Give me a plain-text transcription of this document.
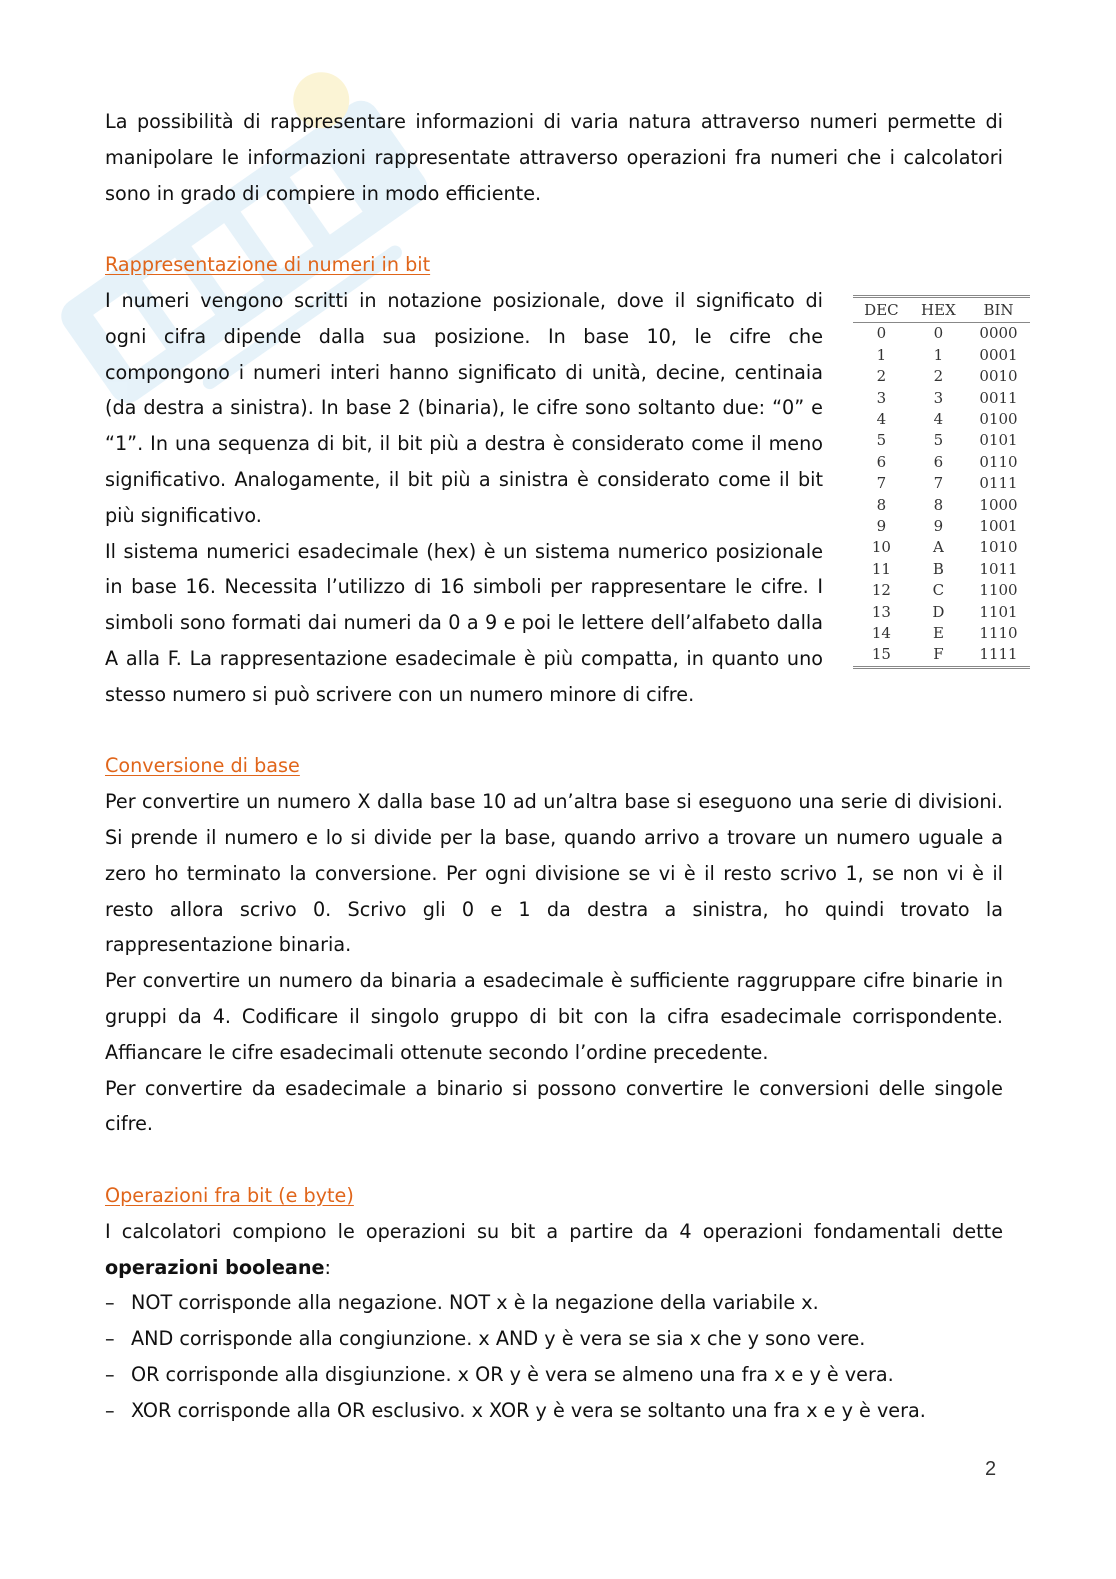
La possibilità di rappresentare informazioni di varia natura attraverso numeri permette di manipolare le informazioni rappresentate attraverso operazioni fra numeri che i calcolatori sono in grado di compiere in modo efficiente.

Rappresentazione di numeri in bit

I numeri vengono scritti in notazione posizionale, dove il significato di ogni cifra dipende dalla sua posizione. In base 10, le cifre che compongono i numeri interi hanno significato di unità, decine, centinaia (da destra a sinistra). In base 2 (binaria), le cifre sono soltanto due: “0” e “1”. In una sequenza di bit, il bit più a destra è considerato come il meno significativo. Analogamente, il bit più a sinistra è considerato come il bit più significativo.

Il sistema numerici esadecimale (hex) è un sistema numerico posizionale in base 16. Necessita l’utilizzo di 16 simboli per rappresentare le cifre. I simboli sono formati dai numeri da 0 a 9 e poi le lettere dell’alfabeto dalla A alla F. La rappresentazione esadecimale è più compatta, in quanto uno stesso numero si può scrivere con un numero minore di cifre.

DEC	HEX	BIN
0	0	0000
1	1	0001
2	2	0010
3	3	0011
4	4	0100
5	5	0101
6	6	0110
7	7	0111
8	8	1000
9	9	1001
10	A	1010
11	B	1011
12	C	1100
13	D	1101
14	E	1110
15	F	1111
Conversione di base

Per convertire un numero X dalla base 10 ad un’altra base si eseguono una serie di divisioni. Si prende il numero e lo si divide per la base, quando arrivo a trovare un numero uguale a zero ho terminato la conversione. Per ogni divisione se vi è il resto scrivo 1, se non vi è il resto allora scrivo 0. Scrivo gli 0 e 1 da destra a sinistra, ho quindi trovato la rappresentazione binaria.

Per convertire un numero da binaria a esadecimale è sufficiente raggruppare cifre binarie in gruppi da 4. Codificare il singolo gruppo di bit con la cifra esadecimale corrispondente. Affiancare le cifre esadecimali ottenute secondo l’ordine precedente.

Per convertire da esadecimale a binario si possono convertire le conversioni delle singole cifre.

Operazioni fra bit (e byte)

I calcolatori compiono le operazioni su bit a partire da 4 operazioni fondamentali dette operazioni booleane:

– NOT corrisponde alla negazione. NOT x è la negazione della variabile x.
– AND corrisponde alla congiunzione. x AND y è vera se sia x che y sono vere.
– OR corrisponde alla disgiunzione. x OR y è vera se almeno una fra x e y è vera.
– XOR corrisponde alla OR esclusivo. x XOR y è vera se soltanto una fra x e y è vera.
2
